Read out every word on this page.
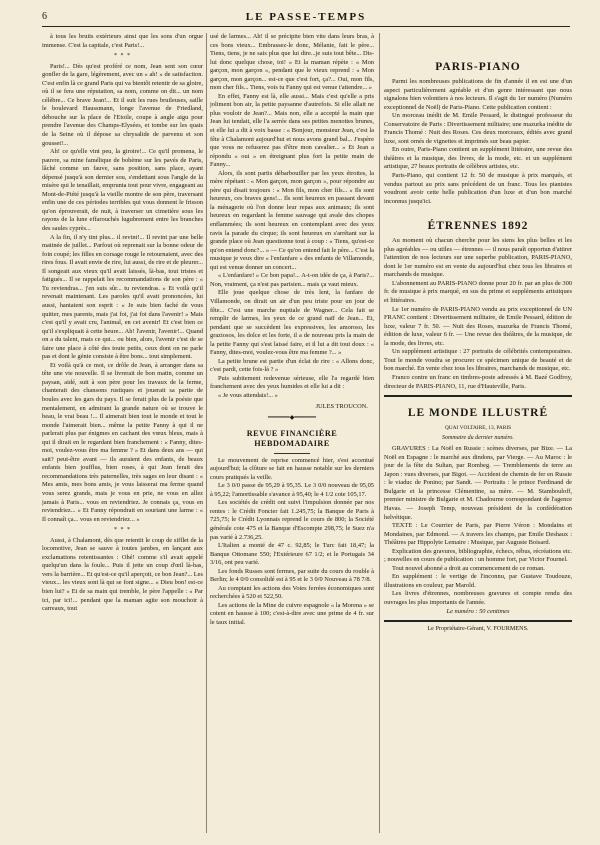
6	LE PASSE-TEMPS

à tous les bruits extérieurs ainsi que les sons d'un orgue immense. C'est la capitale, c'est Paris!...

* * *

Paris!... Dès qu'est proféré ce nom, Jean sent son cœur gonfler de la gare, légèrement, avec un « ah! » de satisfaction. C'est enfin là ce grand Paris qui va bientôt retentir de sa gloire, où il se fera une réputation, sa nom, comme on dit... un nom célèbre... Ce brave Jean!... Et il suit les rues bruileuses, saille le boulevard Haussmann, longe l'avenue de Friedland, débouche sur la place de l'Etoile, coupe à angle aigu pour prendre l'avenue des Champs-Elysées, et tombe sur les quais de la Seine où il dépose sa chrysalide de parvenu et son gousset!...

Ah! ce qu'elle vint peu, la giroire!... Ce qu'il promena, le pauvre, sa mine famélique de bohème sur les pavés de Paris, lâché comme un fauve, sans position, sans place, ayant dépensé jusqu'à son dernier sou, s'endettant sous l'angle de la misère qui le tenaillait, emprunta tout pour vivre, engageant au Mont-de-Piété jusqu'à la vieille montre de son père, traversant enfin une de ces périodes terribles qui vous donnent le frisson qu'on éprouverait, de nuit, à traverser un cimetière sous les rayons de la lune effarouchés lugubrement entre les branches des saules cyprès...

A la fin, il n'y tint plus... il revint!... Il revint par une belle matinée de juillet... Parfout où reprenait sur la bonne odeur de foin coupé; les filles en corsage rouge le retournaient, avec des rires fous. Il avait envie de rire, lui aussi, de rire et de pleurer... Il songeait aux vieux qu'il avait laissés, là-bas, tout tristes et fatigués... Il se rappelait les recommandations de son père : « Tu reviendras... j'en suis sûr... tu reviendras. » Et voilà qu'il revenait maintenant. Les paroles qu'il avait prononcées, lui aussi, hantaient son esprit : « Je suis bien faché de vous quitter, mes parents, mais j'ai foi, j'ai foi dans l'avenir! » Mais c'est qu'il y avait cru, l'animal, en cet avenir! Et c'est bien ce qu'il s'expliquait à cette heure... Ah! l'avenir, l'avenir!... Quand on a du talent, mais ce qui... ou bien, alors, l'avenir c'est de se faire une place à côté des toute petits, ceux dont on ne parle pas et dont le génie consiste à être bons... tout simplement.

Et voilà qu'à ce mot, ce drôle de Jean, à arranger dans sa tête une vie nouvelle. Il se livrerait de bon matin, comme un paysan, aidé, suit à son père pour les travaux de la ferme, chanterait des chansons rustiques et jouerait sa partie de boules avec les gars du pays. Il se ferait plus de la poésie que mentalement, en admirant la grande nature où se trouve le beau, le vrai beau !... Il aimerait bien tout le monde et tout le monde l'aimerait bien... même la petite Fanny à qui il ne parlerait plus par énigmes en cachant des vœux bleus, mais à qui il dirait en le regardant bien franchement : « Fanny, dites-moi, voulez-vous être ma femme ? » Et dans deux ans — qui sait? peut-être avant — ils auraient des enfants, de beaux enfants bien joufflus, bien roses, à qui Jean ferait des recommandations très paternelles, très sages en leur disant : « Mes amis, mes bons amis, je vous laisserai ma ferme quand vous serez grands, mais je vous en prie, ne vous en allez jamais à Paris... vous en reviendriez. Je connais ça, vous en reviendriez... » Et Fanny répondrait en souriant une larme : « Il connaît ça... vous en reviendriez... »

* * *

Aussi, à Chalamont, dès que retentit le coup de sifflet de la locomotive, Jean se sauve à toutes jambes, en lançant aux exclamations retentissantes : Ohé! comme s'il avait appelé quelqu'un dans la foule... Puis il jette un coup d'œil là-bas, vers la barrière... Et qu'est-ce qu'il aperçoit, ce bon Jean?... Les vieux... les vieux sont là qui se font signe... « Dieu bon! est-ce bien lui? » Et de sa main qui tremble, le père l'appelle : « Par ici, par ici!... pendant que la maman agite son mouchoir à carreaux, tout

usé de larmes... Ah! il se précipite bien vite dans leurs bras, à ces bons vieux... Embrassez-le donc, Mélanie, fait le père... Tiens, tiens, je ne sais plus que lui dire...je suis tout bête... Dis-lui donc quelque chose, toi! » Et la maman répète : « Mon garçon, mon garçon », pendant que le vieux reprend : « Mon garçon, mon garçon... est-ce que c'est fort, ça?... Oui, mon fils, mon cher fils... Tiens, vois tu Fanny qui est venue t'attendre... »

En effet, Fanny est là, elle aussi... Mais c'est qu'elle a pris joliment bon air, la petite paysanne d'autrefois. Si elle allait ne plus vouloir de Jean?... Mais non, elle a accepté la main que Jean lui tendait, elle l'a serrée dans ses petites menottes brunes, et elle lui a dit à voix basse : « Bonjour, monsieur Jean, c'est la fête à Chalamont aujourd'hui et nous avons grand bal... J'espère que vous ne refuserez pas d'être mon cavalier... » Et Jean a répondu « oui » en étreignant plus fort la petite main de Fanny...

Alors, ils sont partis débarbouiller par les yeux étroites, la mère répétant : « Mon garçon, mon garçon », pour répondre au père qui disait toujours : « Mon fils, mon cher fils... » Ils sont heureux, ces braves gens!... Ils sont heureux en passant devant la ménagerie où l'on donne leur repas aux animaux; ils sont heureux en regardant la femme sauvage qui avale des chopes enflammées; ils sont heureux en contemplant avec des yeux ravis la parade du cirque; ils sont heureux en s'arrêtant sur la grande place où Jean questionne tout à coup : « Tiens, qu'est-ce qu'on entend donc?... » — Ce qu'on entend fait le père... C'est la musique je veux dire « l'enfanfare » des enfants de Villamonde, qui est venue donner un concert...

« L'enfanfare! » Ce bon papa!... A-t-on idée de ça, à Paris?... Non, vraiment, ça n'est pas parisien... mais ça vaut mieux.

Elle joue quelque chose de très lent, la fanfare de Villamonde, on dirait un air d'un peu triste pour un jour de fête... C'est une marche nuptiale de Wagner... Cela fait se remplir de larmes, les yeux de ce grand naïf de Jean... Et, pendant que se succèdent les expressives, les amoroso, les graziosos, les dolce et les forte, il a de nouveau pris la main de la petite Fanny qui s'est laissé faire, et il lui a dit tout doux : « Fanny, dites-moi, voulez-vous être ma femme ?... »

La petite brune est partie d'un éclat de rire : « Allons donc, c'est pardi, cette fois-là ? »

Puis subitement redevenue sérieuse, elle l'a regardé bien franchement avec des yeux humides et elle lui a dit :

« Je vous attendais!... »

JULES TROUCON.
━━━━━━◆━━━━━━
REVUE FINANCIÈRE HEBDOMADAIRE

Le mouvement de reprise commencé hier, s'est accentué aujourd'hui; la clôture se fait en hausse notable sur les derniers cours pratiqués la veille.

Le 3 0/0 passe de 95,29 à 95,35. Le 3 0/0 nouveau de 95,05 à 95,22; l'amortissable s'avance à 95,40; le 4 1/2 cote 105,17.

Les sociétés de crédit ont suivi l'impulsion donnée par nos rentes : le Crédit Foncier fait 1.245,75; la Banque de Paris à 725,75; le Crédit Lyonnais reprend le cours de 800; la Société générale cote 475 et la Banque d'Escompte 298,75; le Suez n'a pas varié à 2.736,25.

L'Italien a monté de 47 c. 92,85; le Turc fait 18,47; la Banque Ottomane 550; l'Extérieure 67 1/2; et le Portugais 34 3/16, ont peu varié.

Les fonds Russes sont fermes, par suite du cours du rouble à Berlin; le 4 0/0 consolidé est à 95 et le 3 0/0 Nouveau à 78 7/8.

Au comptant les actions des Voies ferrées économiques sont recherchées à 520 et 522,50.

Les actions de la Mine de cuivre espagnole « la Morena » se cotent en hausse à 100; c'est-à-dire avec une prime de 4 fr. sur le taux initial.

PARIS-PIANO

Parmi les nombreuses publications de fin d'année il en est une d'un aspect particulièrement agréable et d'un genre intéressant que nous signalons bien volontiers à nos lecteurs. Il s'agit du 1er numéro (Numéro exceptionnel de Noël) de Paris-Piano. Cette publication contient :

Un morceau inédit de M. Emile Pessard, le distingué professeur du Conservatoire de Paris : Divertissement militaire; une mazurka inédite de Francis Thomé : Nuit des Roses. Ces deux morceaux, édités avec grand luxe, sont ornés de vignettes et imprimés sur beau papier.

En outre, Paris-Piano contient un supplément littéraire, une revue des théâtres et la musique, des livres, de la mode, etc. et un supplément artistique, 27 beaux portraits de célèbres artistes, etc.

Paris-Piano, qui contient 12 fr. 50 de musique à prix marqués, et vendus partout au prix sans précédent de un franc. Tous les pianistes voudront avoir cette belle publication d'un luxe et d'un bon marché inconnus jusqu'ici.

ÉTRENNES 1892

Au moment où chacun cherche pour les siens les plus belles et les plus agréables — ou utiles — étrennes — il nous paraît opportun d'attirer l'attention de nos lecteurs sur une superbe publication, PARIS-PIANO, dont le 1er numéro est en vente du aujourd'hui chez tous les libraires et marchands de musique.

L'abonnement au PARIS-PIANO donne pour 20 fr. par an plus de 300 fr. de musique à prix marqué, en sus du prime et suppléments artistiques et littéraires.

Le 1er numéro de PARIS-PIANO vendu au prix exceptionnel de UN FRANC contient : Divertissement militaire, de Emile Pessard, édition de luxe, valeur 7 fr. 50. — Nuit des Roses, mazurka de Francis Thomé, édition de luxe, valeur 6 fr. — Une revue des théâtres, de la musique, de la mode, des livres, etc.

Un supplément artistique : 27 portraits de célébrités contemporaines. Tout le monde voudra se procurer ce spécimen unique de beauté et de bon marché. En vente chez tous les libraires, marchands de musique, etc.

Franco contre un franc en timbres-poste adressés à M. Bazé Godfroy, directeur de PARIS-PIANO, 11, rue d'Hauteville, Paris.

LE MONDE ILLUSTRÉ
QUAI VOLTAIRE, 13, PARIS
Sommaire du dernier numéro.

GRAVURES : La Noël en Russie : scènes diverses, par Bize. — La Noël en Espagne : le marché aux dindons, par Vierge. — Au Maroc : le jour de la fête du Sultan, par Rombeg. — Tremblements de terre au Japon : vues diverses, par Bigot. — Accident de chemin de fer en Russie : le viaduc de Ponino; par Sandt. — Portraits : le prince Ferdinand de Bulgarie et la princesse Clémentine, sa mère. — M. Stambouloff, premier ministre de Bulgarie et M. Chadourne correspondant de l'agence Havas. — Joseph Temp, nouveau président de la confédération helvétique.

TEXTE : Le Courrier de Paris, par Pierre Véron : Mondains et Mondaines, par Edmond. — A travers les champs, par Emile Deshaux : Théâtres par Hippolyte Lemaire : Musique, par Auguste Boisard.

Explication des gravures, bibliographie, échecs, rébus, récréations etc. ; nouvelles en cours de publication : un homme fort, par Victor Fournel.

Tout nouvel abonné a droit au commencement de ce roman.

En supplément : le vertige de l'inconnu, par Gustave Toudouze, illustrations en couleur, par Marold.

Les livres d'étrennes, nombreuses gravures et compte rendu des ouvrages les plus importants de l'année.

Le numéro : 50 centimes

Le Propriétaire-Gérant, V. FOURMENS.
